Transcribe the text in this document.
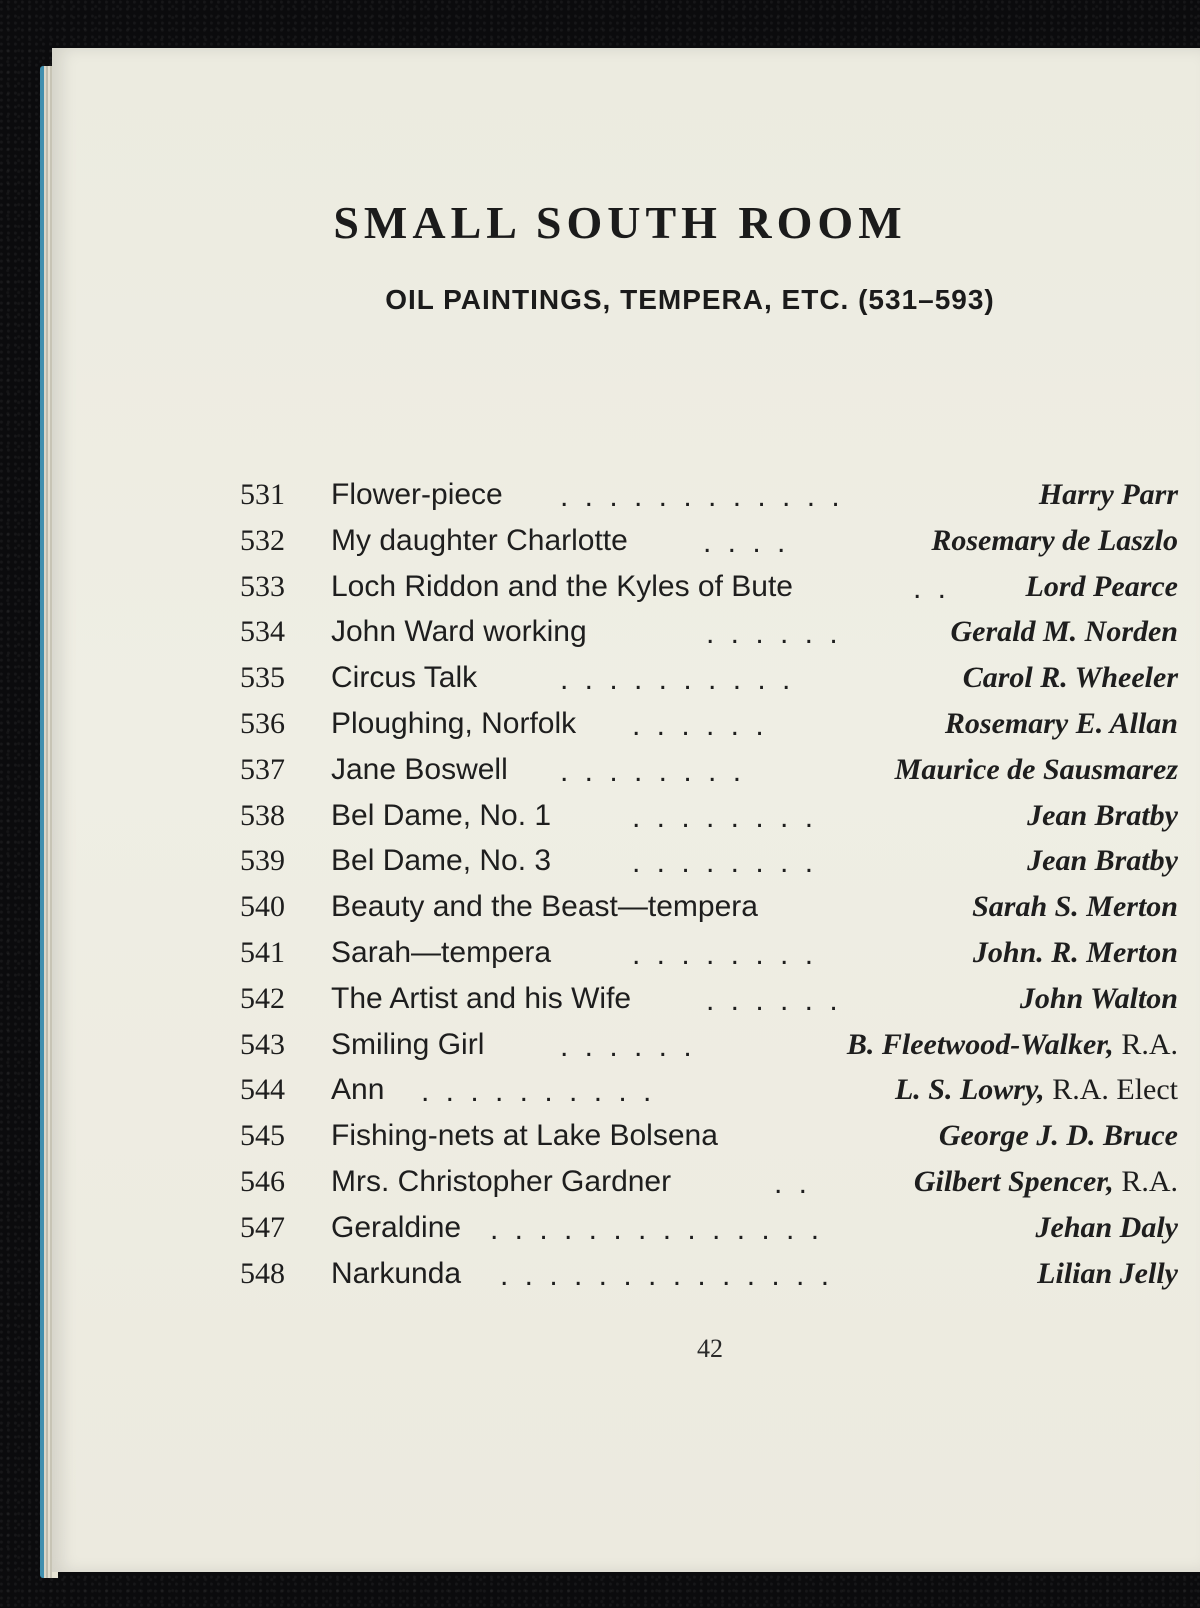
SMALL SOUTH ROOM
OIL PAINTINGS, TEMPERA, ETC. (531–593)
531 Flower-piece . . . . . . . . . . . .	Harry Parr
532 My daughter Charlotte	. . . .	Rosemary de Laszlo
533 Loch Riddon and the Kyles of Bute	. .	Lord Pearce
534 John Ward working	. . . . . .	Gerald M. Norden
535 Circus Talk	. . . . . . . . . .	Carol R. Wheeler
536 Ploughing, Norfolk . . . . . .	Rosemary E. Allan
537 Jane Boswell . . . . . . . .	Maurice de Sausmarez
538 Bel Dame, No. 1	. . . . . . . .	Jean Bratby
539 Bel Dame, No. 3	. . . . . . . .	Jean Bratby
540 Beauty and the Beast—tempera	Sarah S. Merton
541 Sarah—tempera	. . . . . . . .	John. R. Merton
542 The Artist and his Wife . . . . . .	John Walton
543 Smiling Girl	. . . . . .	B. Fleetwood-Walker, R.A.
544 Ann . . . . . . . . . .	L. S. Lowry, R.A. Elect
545 Fishing-nets at Lake Bolsena	George J. D. Bruce
546 Mrs. Christopher Gardner	. .	Gilbert Spencer, R.A.
547 Geraldine . . . . . . . . . . . . . .	Jehan Daly
548 Narkunda . . . . . . . . . . . . . .	Lilian Jelly
42
